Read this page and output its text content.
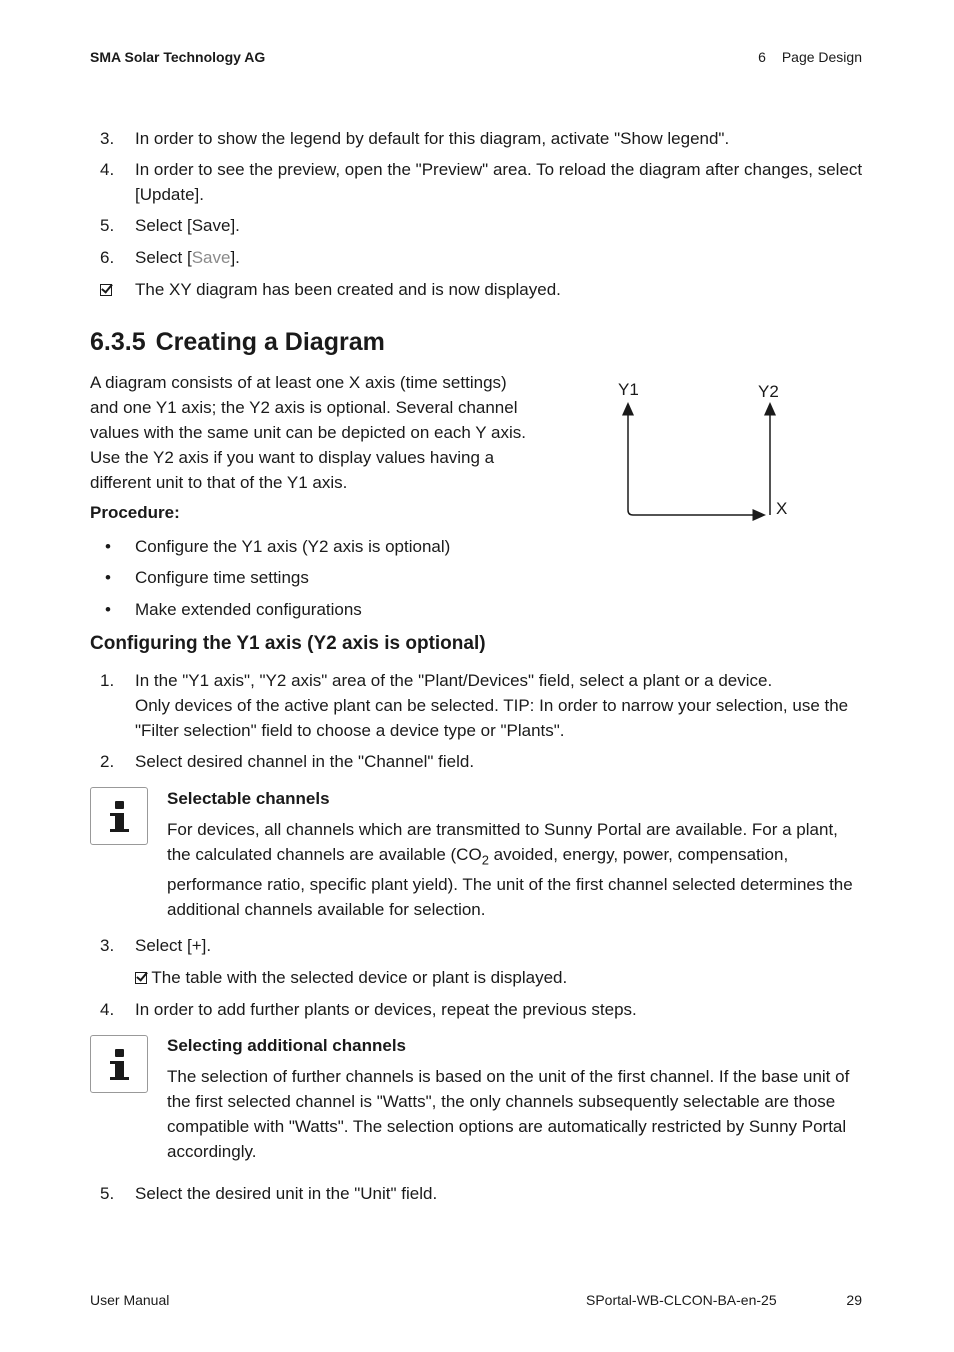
SMA Solar Technology AG	6 Page Design
3.	In order to show the legend by default for this diagram, activate "Show legend".
4.	In order to see the preview, open the "Preview" area. To reload the diagram after changes, select [Update].
5.	Select [Save].
6.	Select [Save].
The XY diagram has been created and is now displayed.
6.3.5 Creating a Diagram
A diagram consists of at least one X axis (time settings) and one Y1 axis; the Y2 axis is optional. Several channel values with the same unit can be depicted on each Y axis. Use the Y2 axis if you want to display values having a different unit to that of the Y1 axis.
Y1	Y2
X
Procedure:
• Configure the Y1 axis (Y2 axis is optional)
• Configure time settings
• Make extended configurations
Configuring the Y1 axis (Y2 axis is optional)
1.	In the "Y1 axis", "Y2 axis" area of the "Plant/Devices" field, select a plant or a device.
Only devices of the active plant can be selected. TIP: In order to narrow your selection, use the "Filter selection" field to choose a device type or "Plants".
2.	Select desired channel in the "Channel" field.
Selectable channels
For devices, all channels which are transmitted to Sunny Portal are available. For a plant, the calculated channels are available ($CO_2$ avoided, energy, power, compensation, performance ratio, specific plant yield). The unit of the first channel selected determines the additional channels available for selection.
3.	Select [+].
The table with the selected device or plant is displayed.
4.	In order to add further plants or devices, repeat the previous steps.
Selecting additional channels
The selection of further channels is based on the unit of the first channel. If the base unit of the first selected channel is "Watts", the only channels subsequently selectable are those compatible with "Watts". The selection options are automatically restricted by Sunny Portal accordingly.
5.	Select the desired unit in the "Unit" field.
User Manual	SPortal-WB-CLCON-BA-en-25	29
